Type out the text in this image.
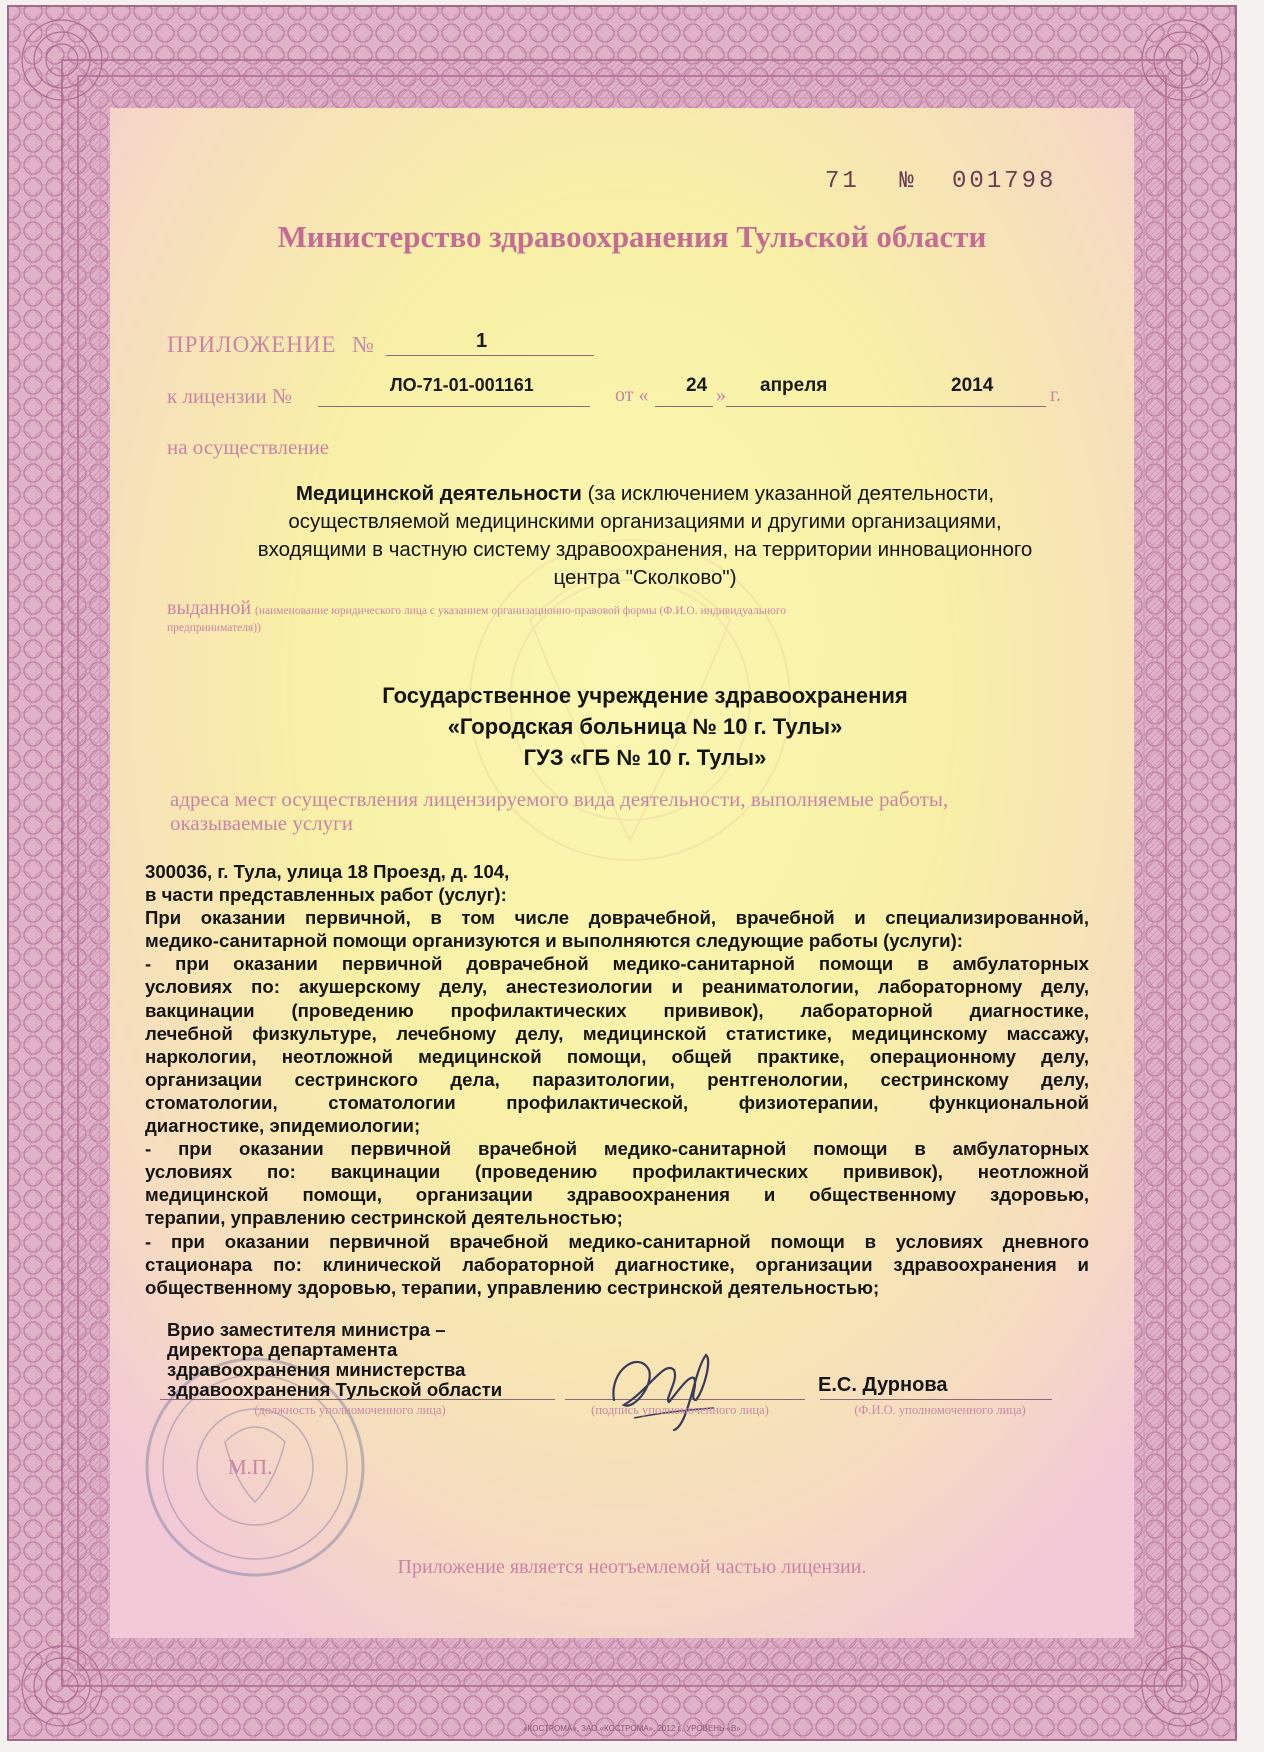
71 № 001798
Министерство здравоохранения Тульской области
ПРИЛОЖЕНИЕ №	1
к лицензии №	ЛО-71-01-001161	от « 24 » апреля	2014	г.
на осуществление
Медицинской деятельности (за исключением указанной деятельности,
осуществляемой медицинскими организациями и другими организациями,
входящими в частную систему здравоохранения, на территории инновационного
центра "Сколково")
выданной (наименование юридического лица с указанием организационно-правовой формы (Ф.И.О. индивидуального
предпринимателя))
Государственное учреждение здравоохранения
«Городская больница № 10 г. Тулы»
ГУЗ «ГБ № 10 г. Тулы»
адреса мест осуществления лицензируемого вида деятельности, выполняемые работы,
оказываемые услуги
300036, г. Тула, улица 18 Проезд, д. 104,
в части представленных работ (услуг):
При оказании первичной, в том числе доврачебной, врачебной и специализированной,
медико-санитарной помощи организуются и выполняются следующие работы (услуги):
- при оказании первичной доврачебной медико-санитарной помощи в амбулаторных
условиях по: акушерскому делу, анестезиологии и реаниматологии, лабораторному делу,
вакцинации (проведению профилактических прививок), лабораторной диагностике,
лечебной физкультуре, лечебному делу, медицинской статистике, медицинскому массажу,
наркологии, неотложной медицинской помощи, общей практике, операционному делу,
организации сестринского дела, паразитологии, рентгенологии, сестринскому делу,
стоматологии, стоматологии профилактической, физиотерапии, функциональной
диагностике, эпидемиологии;
- при оказании первичной врачебной медико-санитарной помощи в амбулаторных
условиях по: вакцинации (проведению профилактических прививок), неотложной
медицинской помощи, организации здравоохранения и общественному здоровью,
терапии, управлению сестринской деятельностью;
- при оказании первичной врачебной медико-санитарной помощи в условиях дневного
стационара по: клинической лабораторной диагностике, организации здравоохранения и
общественному здоровью, терапии, управлению сестринской деятельностью;
Врио заместителя министра –
директора департамента
здравоохранения министерства
здравоохранения Тульской области	Е.С. Дурнова
(должность уполномоченного лица)	(подпись уполномоченного лица)	(Ф.И.О. уполномоченного лица)
М.П.
Приложение является неотъемлемой частью лицензии.
«КОСТРОМА», ЗАО «КОСТРОМА», 2012 г., УРОВЕНЬ «В»
